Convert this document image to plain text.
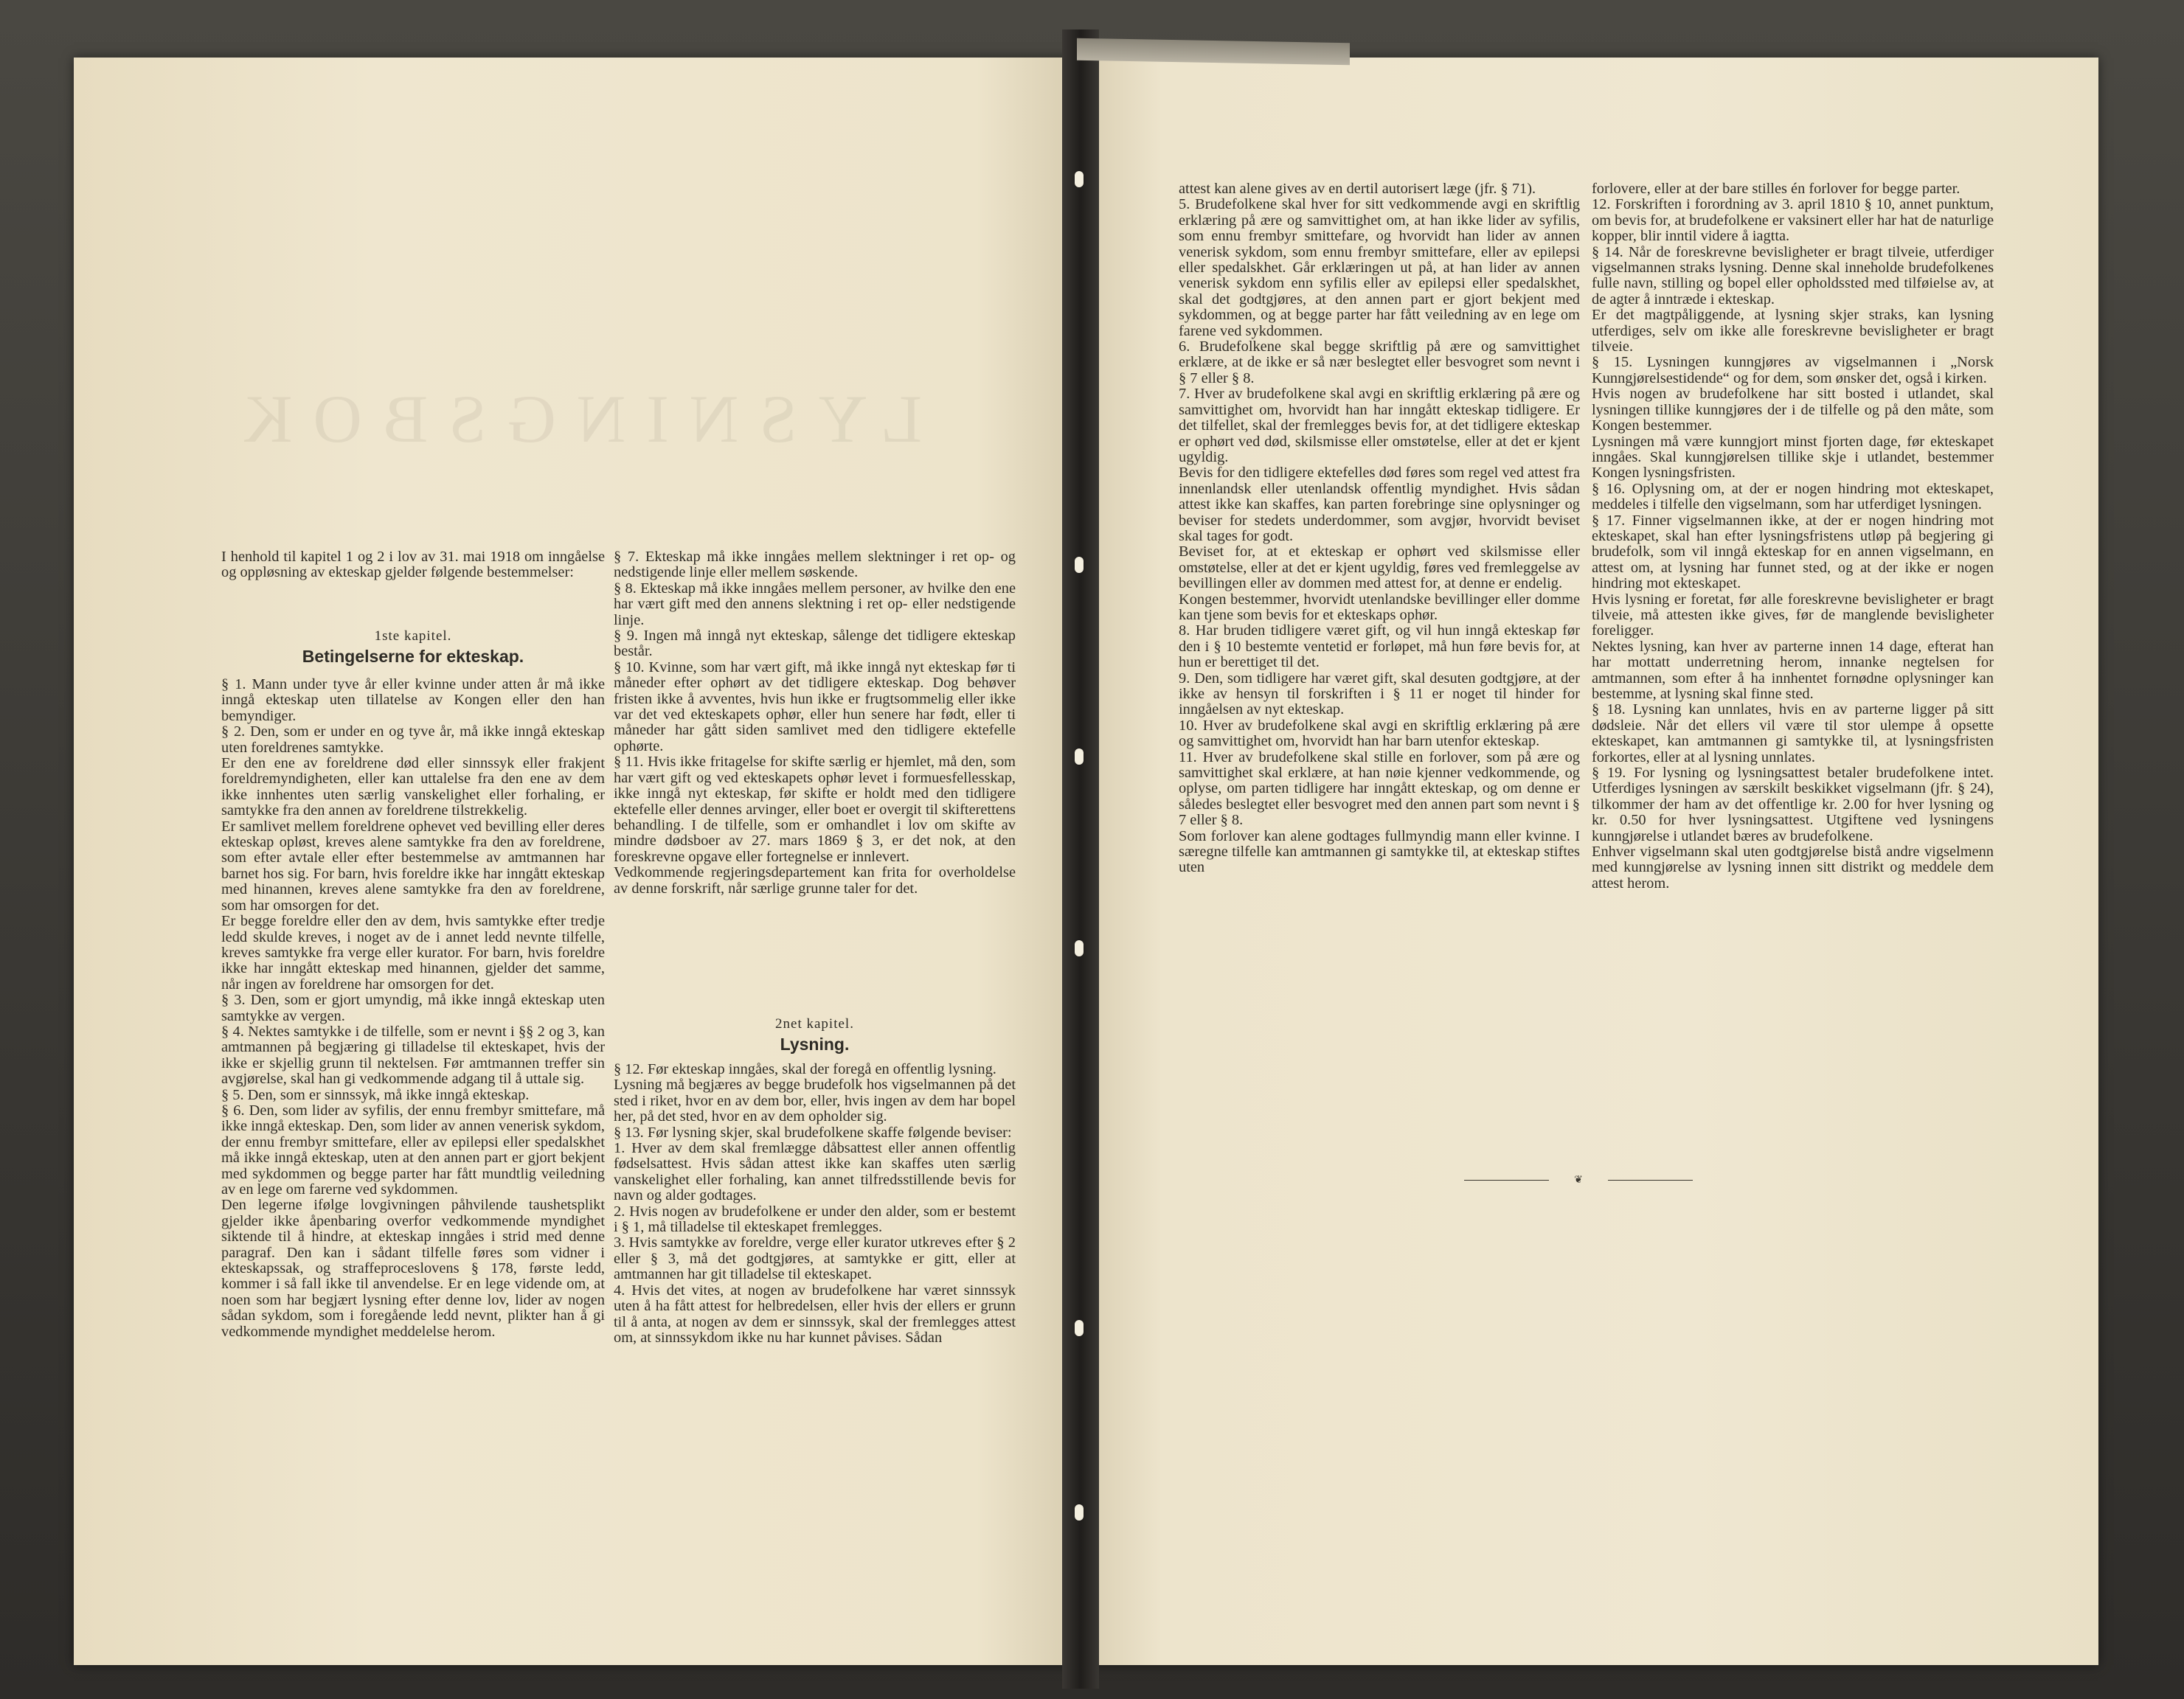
LYSNINGSBOK
I henhold til kapitel 1 og 2 i lov av 31. mai 1918 om inngåelse og oppløsning av ekteskap gjelder følgende bestemmelser:
1ste kapitel.
Betingelserne for ekteskap.
§ 1. Mann under tyve år eller kvinne under atten år må ikke inngå ekteskap uten tillatelse av Kongen eller den han bemyndiger.
§ 2. Den, som er under en og tyve år, må ikke inngå ekteskap uten foreldrenes samtykke.
Er den ene av foreldrene død eller sinnssyk eller frakjent foreldremyndigheten, eller kan uttalelse fra den ene av dem ikke innhentes uten særlig vanskelighet eller forhaling, er samtykke fra den annen av foreldrene tilstrekkelig.
Er samlivet mellem foreldrene ophevet ved bevilling eller deres ekteskap opløst, kreves alene samtykke fra den av foreldrene, som efter avtale eller efter bestemmelse av amtmannen har barnet hos sig. For barn, hvis foreldre ikke har inngått ekteskap med hinannen, kreves alene samtykke fra den av foreldrene, som har omsorgen for det.
Er begge foreldre eller den av dem, hvis samtykke efter tredje ledd skulde kreves, i noget av de i annet ledd nevnte tilfelle, kreves samtykke fra verge eller kurator. For barn, hvis foreldre ikke har inngått ekteskap med hinannen, gjelder det samme, når ingen av foreldrene har omsorgen for det.
§ 3. Den, som er gjort umyndig, må ikke inngå ekteskap uten samtykke av vergen.
§ 4. Nektes samtykke i de tilfelle, som er nevnt i §§ 2 og 3, kan amtmannen på begjæring gi tilladelse til ekteskapet, hvis der ikke er skjellig grunn til nektelsen. Før amtmannen treffer sin avgjørelse, skal han gi vedkommende adgang til å uttale sig.
§ 5. Den, som er sinnssyk, må ikke inngå ekteskap.
§ 6. Den, som lider av syfilis, der ennu frembyr smittefare, må ikke inngå ekteskap. Den, som lider av annen venerisk sykdom, der ennu frembyr smittefare, eller av epilepsi eller spedalskhet må ikke inngå ekteskap, uten at den annen part er gjort bekjent med sykdommen og begge parter har fått mundtlig veiledning av en lege om farerne ved sykdommen.
Den legerne ifølge lovgivningen påhvilende taushetsplikt gjelder ikke åpenbaring overfor vedkommende myndighet siktende til å hindre, at ekteskap inngåes i strid med denne paragraf. Den kan i sådant tilfelle føres som vidner i ekteskapssak, og straffeproceslovens § 178, første ledd, kommer i så fall ikke til anvendelse. Er en lege vidende om, at noen som har begjært lysning efter denne lov, lider av nogen sådan sykdom, som i foregående ledd nevnt, plikter han å gi vedkommende myndighet meddelelse herom.
§ 7. Ekteskap må ikke inngåes mellem slektninger i ret op- og nedstigende linje eller mellem søskende.
§ 8. Ekteskap må ikke inngåes mellem personer, av hvilke den ene har vært gift med den annens slektning i ret op- eller nedstigende linje.
§ 9. Ingen må inngå nyt ekteskap, sålenge det tidligere ekteskap består.
§ 10. Kvinne, som har vært gift, må ikke inngå nyt ekteskap før ti måneder efter ophørt av det tidligere ekteskap. Dog behøver fristen ikke å avventes, hvis hun ikke er frugtsommelig eller ikke var det ved ekteskapets ophør, eller hun senere har født, eller ti måneder har gått siden samlivet med den tidligere ektefelle ophørte.
§ 11. Hvis ikke fritagelse for skifte særlig er hjemlet, må den, som har vært gift og ved ekteskapets ophør levet i formuesfellesskap, ikke inngå nyt ekteskap, før skifte er holdt med den tidligere ektefelle eller dennes arvinger, eller boet er overgit til skifterettens behandling. I de tilfelle, som er omhandlet i lov om skifte av mindre dødsboer av 27. mars 1869 § 3, er det nok, at den foreskrevne opgave eller fortegnelse er innlevert.
Vedkommende regjeringsdepartement kan frita for overholdelse av denne forskrift, når særlige grunne taler for det.
2net kapitel.
Lysning.
§ 12. Før ekteskap inngåes, skal der foregå en offentlig lysning.
Lysning må begjæres av begge brudefolk hos vigselmannen på det sted i riket, hvor en av dem bor, eller, hvis ingen av dem har bopel her, på det sted, hvor en av dem opholder sig.
§ 13. Før lysning skjer, skal brudefolkene skaffe følgende beviser:
1. Hver av dem skal fremlægge dåbsattest eller annen offentlig fødselsattest. Hvis sådan attest ikke kan skaffes uten særlig vanskelighet eller forhaling, kan annet tilfredsstillende bevis for navn og alder godtages.
2. Hvis nogen av brudefolkene er under den alder, som er bestemt i § 1, må tilladelse til ekteskapet fremlegges.
3. Hvis samtykke av foreldre, verge eller kurator utkreves efter § 2 eller § 3, må det godtgjøres, at samtykke er gitt, eller at amtmannen har git tilladelse til ekteskapet.
4. Hvis det vites, at nogen av brudefolkene har været sinnssyk uten å ha fått attest for helbredelsen, eller hvis der ellers er grunn til å anta, at nogen av dem er sinnssyk, skal der fremlegges attest om, at sinnssykdom ikke nu har kunnet påvises. Sådan
attest kan alene gives av en dertil autorisert læge (jfr. § 71).
5. Brudefolkene skal hver for sitt vedkommende avgi en skriftlig erklæring på ære og samvittighet om, at han ikke lider av syfilis, som ennu frembyr smittefare, og hvorvidt han lider av annen venerisk sykdom, som ennu frembyr smittefare, eller av epilepsi eller spedalskhet. Går erklæringen ut på, at han lider av annen venerisk sykdom enn syfilis eller av epilepsi eller spedalskhet, skal det godtgjøres, at den annen part er gjort bekjent med sykdommen, og at begge parter har fått veiledning av en lege om farene ved sykdommen.
6. Brudefolkene skal begge skriftlig på ære og samvittighet erklære, at de ikke er så nær beslegtet eller besvogret som nevnt i § 7 eller § 8.
7. Hver av brudefolkene skal avgi en skriftlig erklæring på ære og samvittighet om, hvorvidt han har inngått ekteskap tidligere. Er det tilfellet, skal der fremlegges bevis for, at det tidligere ekteskap er ophørt ved død, skilsmisse eller omstøtelse, eller at det er kjent ugyldig.
Bevis for den tidligere ektefelles død føres som regel ved attest fra innenlandsk eller utenlandsk offentlig myndighet. Hvis sådan attest ikke kan skaffes, kan parten forebringe sine oplysninger og beviser for stedets underdommer, som avgjør, hvorvidt beviset skal tages for godt.
Beviset for, at et ekteskap er ophørt ved skilsmisse eller omstøtelse, eller at det er kjent ugyldig, føres ved fremleggelse av bevillingen eller av dommen med attest for, at denne er endelig.
Kongen bestemmer, hvorvidt utenlandske bevillinger eller domme kan tjene som bevis for et ekteskaps ophør.
8. Har bruden tidligere været gift, og vil hun inngå ekteskap før den i § 10 bestemte ventetid er forløpet, må hun føre bevis for, at hun er berettiget til det.
9. Den, som tidligere har været gift, skal desuten godtgjøre, at der ikke av hensyn til forskriften i § 11 er noget til hinder for inngåelsen av nyt ekteskap.
10. Hver av brudefolkene skal avgi en skriftlig erklæring på ære og samvittighet om, hvorvidt han har barn utenfor ekteskap.
11. Hver av brudefolkene skal stille en forlover, som på ære og samvittighet skal erklære, at han nøie kjenner vedkommende, og oplyse, om parten tidligere har inngått ekteskap, og om denne er således beslegtet eller besvogret med den annen part som nevnt i § 7 eller § 8.
Som forlover kan alene godtages fullmyndig mann eller kvinne. I særegne tilfelle kan amtmannen gi samtykke til, at ekteskap stiftes uten
forlovere, eller at der bare stilles én forlover for begge parter.
12. Forskriften i forordning av 3. april 1810 § 10, annet punktum, om bevis for, at brudefolkene er vaksinert eller har hat de naturlige kopper, blir inntil videre å iagtta.
§ 14. Når de foreskrevne bevisligheter er bragt tilveie, utferdiger vigselmannen straks lysning. Denne skal inneholde brudefolkenes fulle navn, stilling og bopel eller opholdssted med tilføielse av, at de agter å inntræde i ekteskap.
Er det magtpåliggende, at lysning skjer straks, kan lysning utferdiges, selv om ikke alle foreskrevne bevisligheter er bragt tilveie.
§ 15. Lysningen kunngjøres av vigselmannen i „Norsk Kunngjørelsestidende“ og for dem, som ønsker det, også i kirken.
Hvis nogen av brudefolkene har sitt bosted i utlandet, skal lysningen tillike kunngjøres der i de tilfelle og på den måte, som Kongen bestemmer.
Lysningen må være kunngjort minst fjorten dage, før ekteskapet inngåes. Skal kunngjørelsen tillike skje i utlandet, bestemmer Kongen lysningsfristen.
§ 16. Oplysning om, at der er nogen hindring mot ekteskapet, meddeles i tilfelle den vigselmann, som har utferdiget lysningen.
§ 17. Finner vigselmannen ikke, at der er nogen hindring mot ekteskapet, skal han efter lysningsfristens utløp på begjering gi brudefolk, som vil inngå ekteskap for en annen vigselmann, en attest om, at lysning har funnet sted, og at der ikke er nogen hindring mot ekteskapet.
Hvis lysning er foretat, før alle foreskrevne bevisligheter er bragt tilveie, må attesten ikke gives, før de manglende bevisligheter foreligger.
Nektes lysning, kan hver av parterne innen 14 dage, efterat han har mottatt underretning herom, innanke negtelsen for amtmannen, som efter å ha innhentet fornødne oplysninger kan bestemme, at lysning skal finne sted.
§ 18. Lysning kan unnlates, hvis en av parterne ligger på sitt dødsleie. Når det ellers vil være til stor ulempe å opsette ekteskapet, kan amtmannen gi samtykke til, at lysningsfristen forkortes, eller at al lysning unnlates.
§ 19. For lysning og lysningsattest betaler brudefolkene intet. Utferdiges lysningen av særskilt beskikket vigselmann (jfr. § 24), tilkommer der ham av det offentlige kr. 2.00 for hver lysning og kr. 0.50 for hver lysningsattest. Utgiftene ved lysningens kunngjørelse i utlandet bæres av brudefolkene.
Enhver vigselmann skal uten godtgjørelse bistå andre vigselmenn med kunngjørelse av lysning innen sitt distrikt og meddele dem attest herom.
❦
